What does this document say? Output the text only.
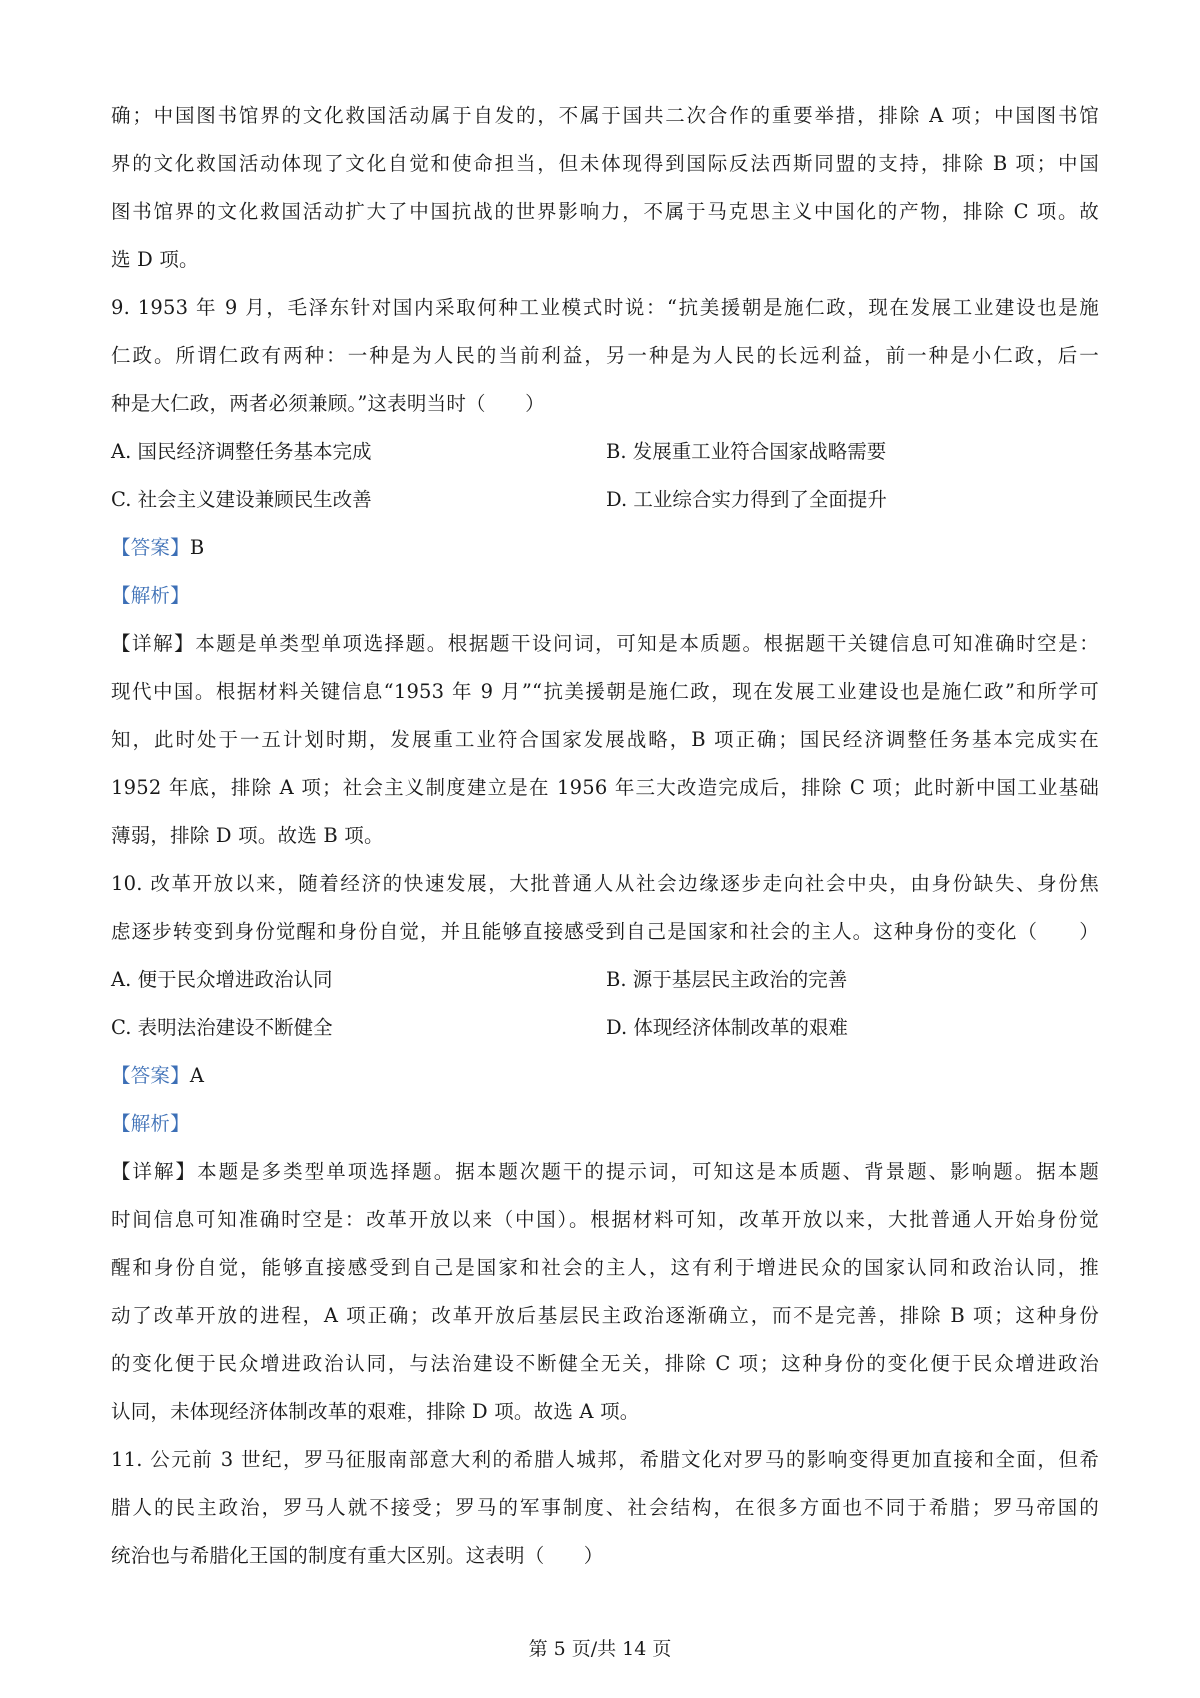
确；中国图书馆界的文化救国活动属于自发的，不属于国共二次合作的重要举措，排除 A 项；中国图书馆
界的文化救国活动体现了文化自觉和使命担当，但未体现得到国际反法西斯同盟的支持，排除 B 项；中国
图书馆界的文化救国活动扩大了中国抗战的世界影响力，不属于马克思主义中国化的产物，排除 C 项。故
选 D 项。
9. 1953 年 9 月，毛泽东针对国内采取何种工业模式时说：“抗美援朝是施仁政，现在发展工业建设也是施
仁政。所谓仁政有两种：一种是为人民的当前利益，另一种是为人民的长远利益，前一种是小仁政，后一
种是大仁政，两者必须兼顾。”这表明当时（　　）
A. 国民经济调整任务基本完成	B. 发展重工业符合国家战略需要
C. 社会主义建设兼顾民生改善	D. 工业综合实力得到了全面提升
【答案】B
【解析】
【详解】本题是单类型单项选择题。根据题干设问词，可知是本质题。根据题干关键信息可知准确时空是：
现代中国。根据材料关键信息“1953 年 9 月”“抗美援朝是施仁政，现在发展工业建设也是施仁政”和所学可
知，此时处于一五计划时期，发展重工业符合国家发展战略，B 项正确；国民经济调整任务基本完成实在
1952 年底，排除 A 项；社会主义制度建立是在 1956 年三大改造完成后，排除 C 项；此时新中国工业基础
薄弱，排除 D 项。故选 B 项。
10. 改革开放以来，随着经济的快速发展，大批普通人从社会边缘逐步走向社会中央，由身份缺失、身份焦
虑逐步转变到身份觉醒和身份自觉，并且能够直接感受到自己是国家和社会的主人。这种身份的变化（　　）
A. 便于民众增进政治认同	B. 源于基层民主政治的完善
C. 表明法治建设不断健全	D. 体现经济体制改革的艰难
【答案】A
【解析】
【详解】本题是多类型单项选择题。据本题次题干的提示词，可知这是本质题、背景题、影响题。据本题
时间信息可知准确时空是：改革开放以来（中国）。根据材料可知，改革开放以来，大批普通人开始身份觉
醒和身份自觉，能够直接感受到自己是国家和社会的主人，这有利于增进民众的国家认同和政治认同，推
动了改革开放的进程，A 项正确；改革开放后基层民主政治逐渐确立，而不是完善，排除 B 项；这种身份
的变化便于民众增进政治认同，与法治建设不断健全无关，排除 C 项；这种身份的变化便于民众增进政治
认同，未体现经济体制改革的艰难，排除 D 项。故选 A 项。
11. 公元前 3 世纪，罗马征服南部意大利的希腊人城邦，希腊文化对罗马的影响变得更加直接和全面，但希
腊人的民主政治，罗马人就不接受；罗马的军事制度、社会结构，在很多方面也不同于希腊；罗马帝国的
统治也与希腊化王国的制度有重大区别。这表明（　　）
第 5 页/共 14 页
